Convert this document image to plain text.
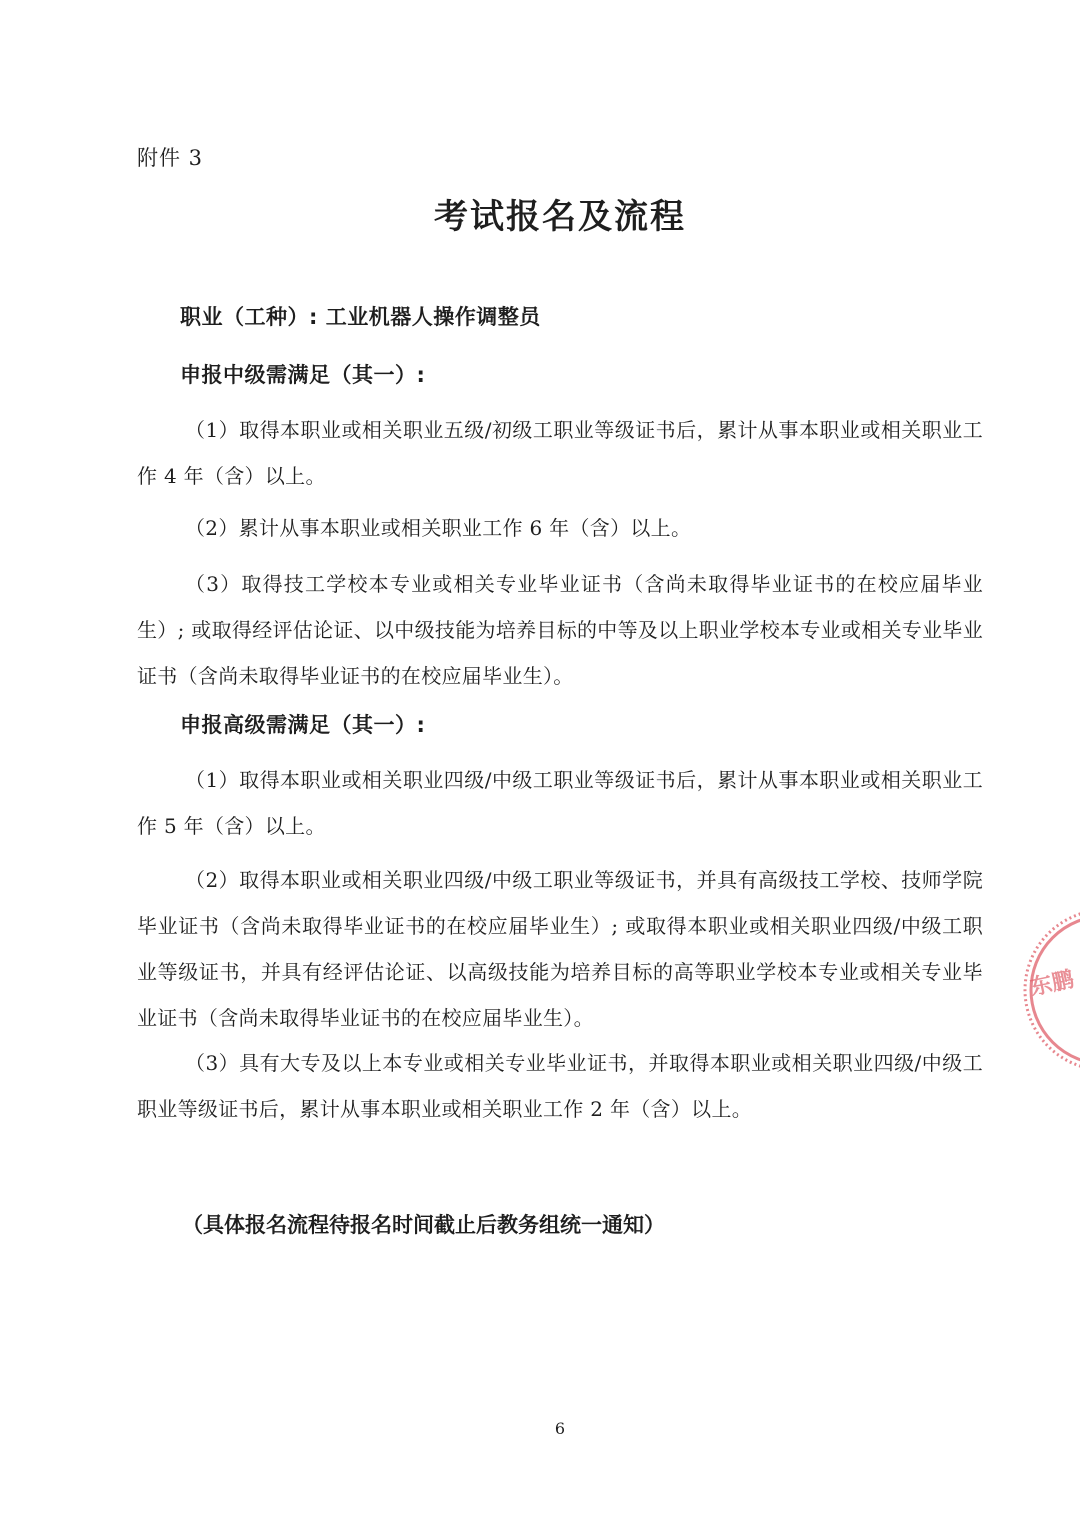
附件 3
考试报名及流程
职业（工种）: 工业机器人操作调整员
申报中级需满足（其一）:
（1）取得本职业或相关职业五级/初级工职业等级证书后，累计从事本职业或相关职业工作 4 年（含）以上。
（2）累计从事本职业或相关职业工作 6 年（含）以上。
（3）取得技工学校本专业或相关专业毕业证书（含尚未取得毕业证书的在校应届毕业生）; 或取得经评估论证、以中级技能为培养目标的中等及以上职业学校本专业或相关专业毕业证书（含尚未取得毕业证书的在校应届毕业生）。
申报高级需满足（其一）:
（1）取得本职业或相关职业四级/中级工职业等级证书后，累计从事本职业或相关职业工作 5 年（含）以上。
（2）取得本职业或相关职业四级/中级工职业等级证书，并具有高级技工学校、技师学院毕业证书（含尚未取得毕业证书的在校应届毕业生）; 或取得本职业或相关职业四级/中级工职业等级证书，并具有经评估论证、以高级技能为培养目标的高等职业学校本专业或相关专业毕业证书（含尚未取得毕业证书的在校应届毕业生）。
（3）具有大专及以上本专业或相关专业毕业证书，并取得本职业或相关职业四级/中级工职业等级证书后，累计从事本职业或相关职业工作 2 年（含）以上。
（具体报名流程待报名时间截止后教务组统一通知）
6
东鹏
